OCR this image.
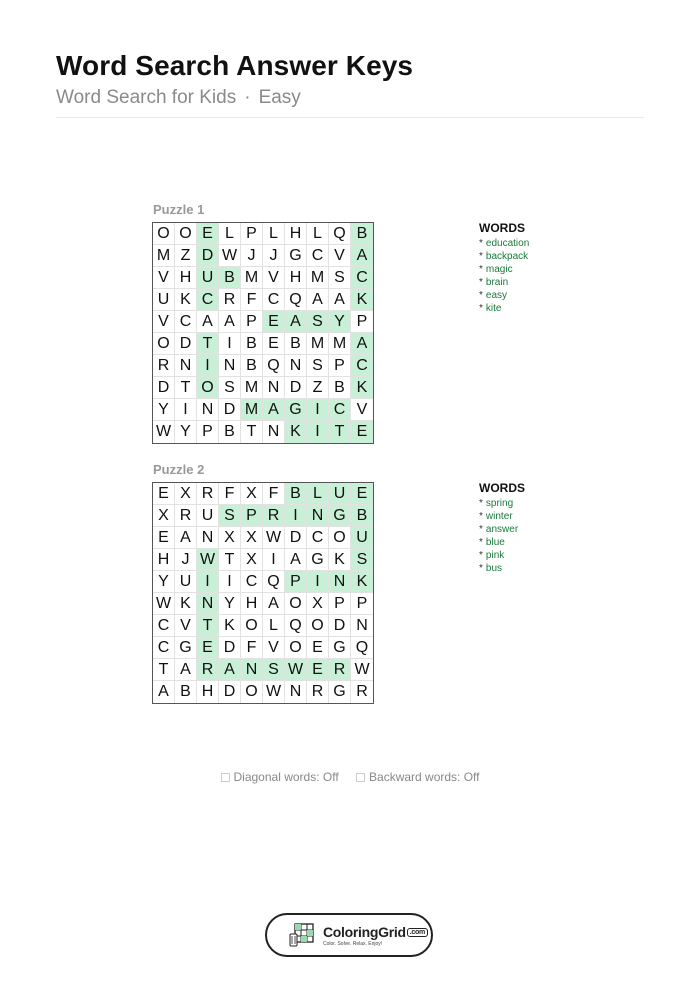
Word Search Answer Keys
Word Search for Kids · Easy
Puzzle 1
O O E L P L H L Q B
M Z D W J J G C V A
V H U B M V H M S C
U K C R F C Q A A K
V C A A P E A S Y P
O D T I B E B M M A
R N I N B Q N S P C
D T O S M N D Z B K
Y I N D M A G I C V
W Y P B T N K I T E
WORDS
* education
* backpack
* magic
* brain
* easy
* kite
Puzzle 2
E X R F X F B L U E
X R U S P R I N G B
E A N X X W D C O U
H J W T X I A G K S
Y U I	I C Q P I N K
W K N Y H A O X P P
C V T K O L Q O D N
C G E D F V O E G Q
T A R A N S W E R W
A B H D O W N R G R
WORDS
* spring
* winter
* answer
* blue
* pink
* bus
Diagonal words: Off	Backward words: Off
ColoringGrid .com
Color. Solve. Relax. Enjoy!
